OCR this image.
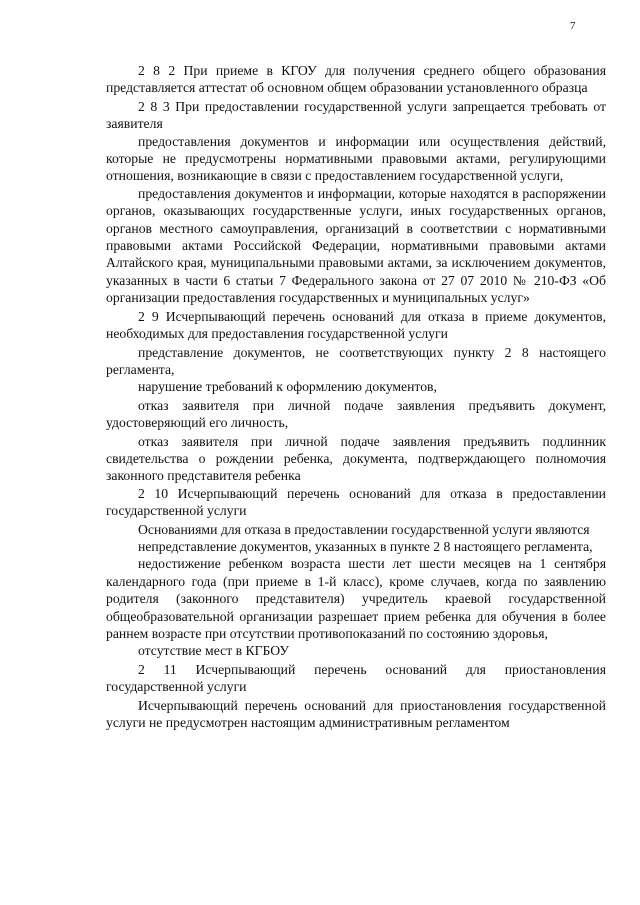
7

2 8 2 При приеме в КГОУ для получения среднего общего образования представляется аттестат об основном общем образовании установленного образца

2 8 3 При предоставлении государственной услуги запрещается требовать от заявителя

предоставления документов и информации или осуществления действий, которые не предусмотрены нормативными правовыми актами, регулирующими отношения, возникающие в связи с предоставлением государственной услуги,

предоставления документов и информации, которые находятся в распоряжении органов, оказывающих государственные услуги, иных государственных органов, органов местного самоуправления, организаций в соответствии с нормативными правовыми актами Российской Федерации, нормативными правовыми актами Алтайского края, муниципальными правовыми актами, за исключением документов, указанных в части 6 статьи 7 Федерального закона от 27 07 2010 № 210-ФЗ «Об организации предоставления государственных и муниципальных услуг»

2 9 Исчерпывающий перечень оснований для отказа в приеме документов, необходимых для предоставления государственной услуги

представление документов, не соответствующих пункту 2 8 настоящего регламента,

нарушение требований к оформлению документов,

отказ заявителя при личной подаче заявления предъявить документ, удостоверяющий его личность,

отказ заявителя при личной подаче заявления предъявить подлинник свидетельства о рождении ребенка, документа, подтверждающего полномочия законного представителя ребенка

2 10 Исчерпывающий перечень оснований для отказа в предоставлении государственной услуги

Основаниями для отказа в предоставлении государственной услуги являются

непредставление документов, указанных в пункте 2 8 настоящего регламента,

недостижение ребенком возраста шести лет шести месяцев на 1 сентября календарного года (при приеме в 1-й класс), кроме случаев, когда по заявлению родителя (законного представителя) учредитель краевой государственной общеобразовательной организации разрешает прием ребенка для обучения в более раннем возрасте при отсутствии противопоказаний по состоянию здоровья,

отсутствие мест в КГБОУ

2 11 Исчерпывающий перечень оснований для приостановления государственной услуги

Исчерпывающий перечень оснований для приостановления государственной услуги не предусмотрен настоящим административным регламентом
